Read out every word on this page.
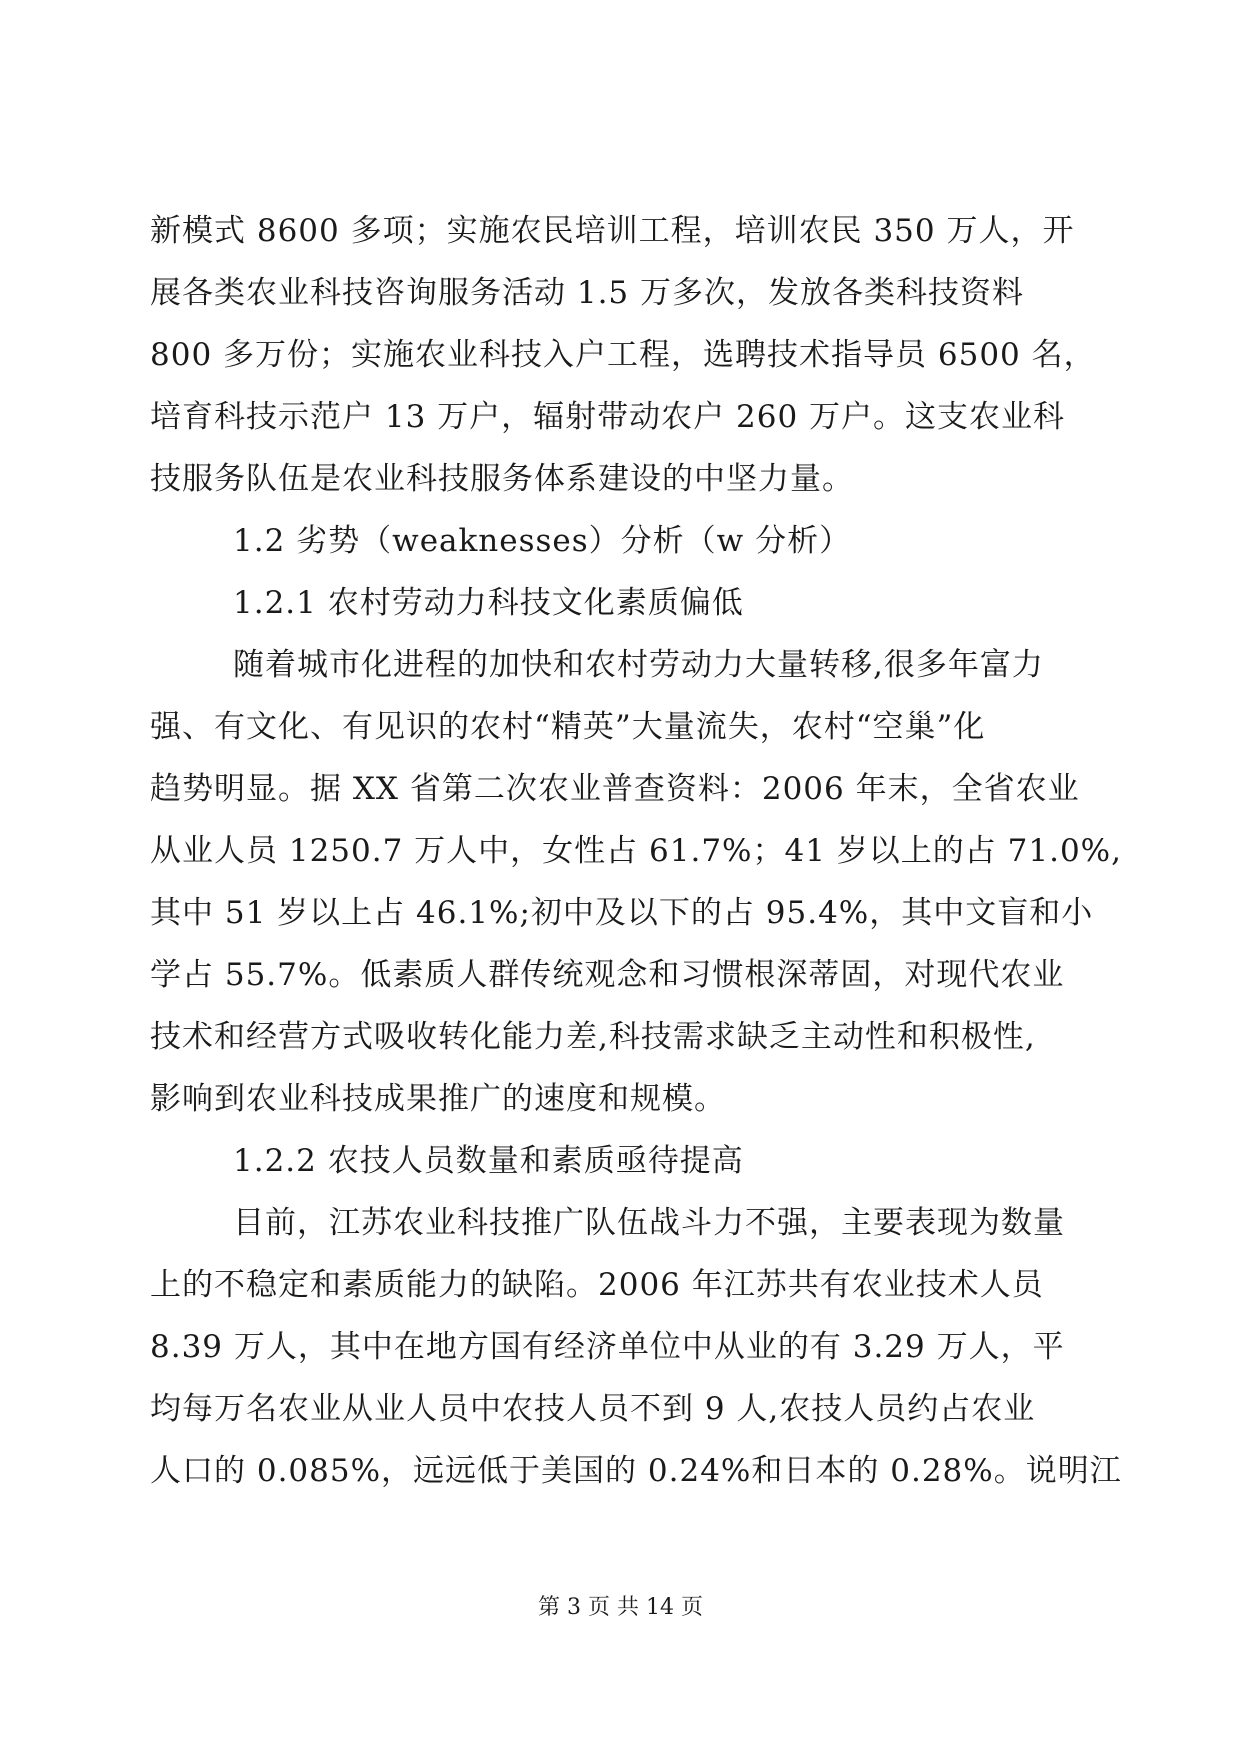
新模式 8600 多项；实施农民培训工程，培训农民 350 万人，开
展各类农业科技咨询服务活动 1.5 万多次，发放各类科技资料
800 多万份；实施农业科技入户工程，选聘技术指导员 6500 名，
培育科技示范户 13 万户，辐射带动农户 260 万户。这支农业科
技服务队伍是农业科技服务体系建设的中坚力量。
1.2 劣势（weaknesses）分析（w 分析）
1.2.1 农村劳动力科技文化素质偏低
随着城市化进程的加快和农村劳动力大量转移,很多年富力
强、有文化、有见识的农村“精英”大量流失，农村“空巢”化
趋势明显。据 XX 省第二次农业普查资料：2006 年末，全省农业
从业人员 1250.7 万人中，女性占 61.7%；41 岁以上的占 71.0%,
其中 51 岁以上占 46.1%;初中及以下的占 95.4%，其中文盲和小
学占 55.7%。低素质人群传统观念和习惯根深蒂固，对现代农业
技术和经营方式吸收转化能力差,科技需求缺乏主动性和积极性,
影响到农业科技成果推广的速度和规模。
1.2.2 农技人员数量和素质亟待提高
目前，江苏农业科技推广队伍战斗力不强，主要表现为数量
上的不稳定和素质能力的缺陷。2006 年江苏共有农业技术人员
8.39 万人，其中在地方国有经济单位中从业的有 3.29 万人，平
均每万名农业从业人员中农技人员不到 9 人,农技人员约占农业
人口的 0.085%，远远低于美国的 0.24%和日本的 0.28%。说明江
第 3 页 共 14 页
